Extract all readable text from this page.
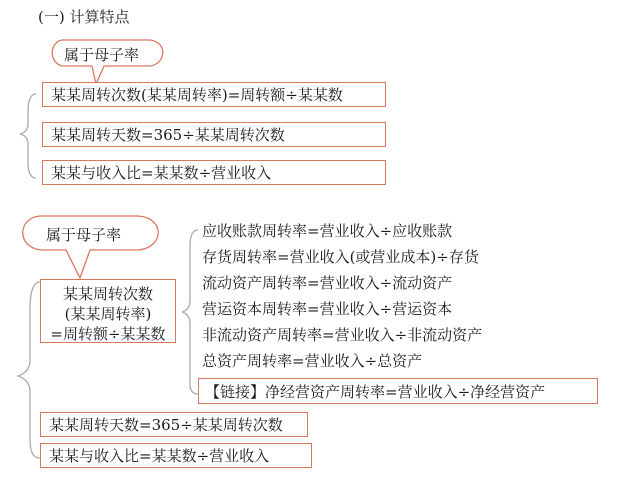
(一) 计算特点
属于母子率
某某周转次数(某某周转率)=周转额÷某某数
某某周转天数=365÷某某周转次数
某某与收入比=某某数÷营业收入
属于母子率
某某周转次数
(某某周转率)
=周转额÷某某数
应收账款周转率=营业收入÷应收账款
存货周转率=营业收入(或营业成本)÷存货
流动资产周转率=营业收入÷流动资产
营运资本周转率=营业收入÷营运资本
非流动资产周转率=营业收入÷非流动资产
总资产周转率=营业收入÷总资产
【链接】净经营资产周转率=营业收入÷净经营资产
某某周转天数=365÷某某周转次数
某某与收入比=某某数÷营业收入
